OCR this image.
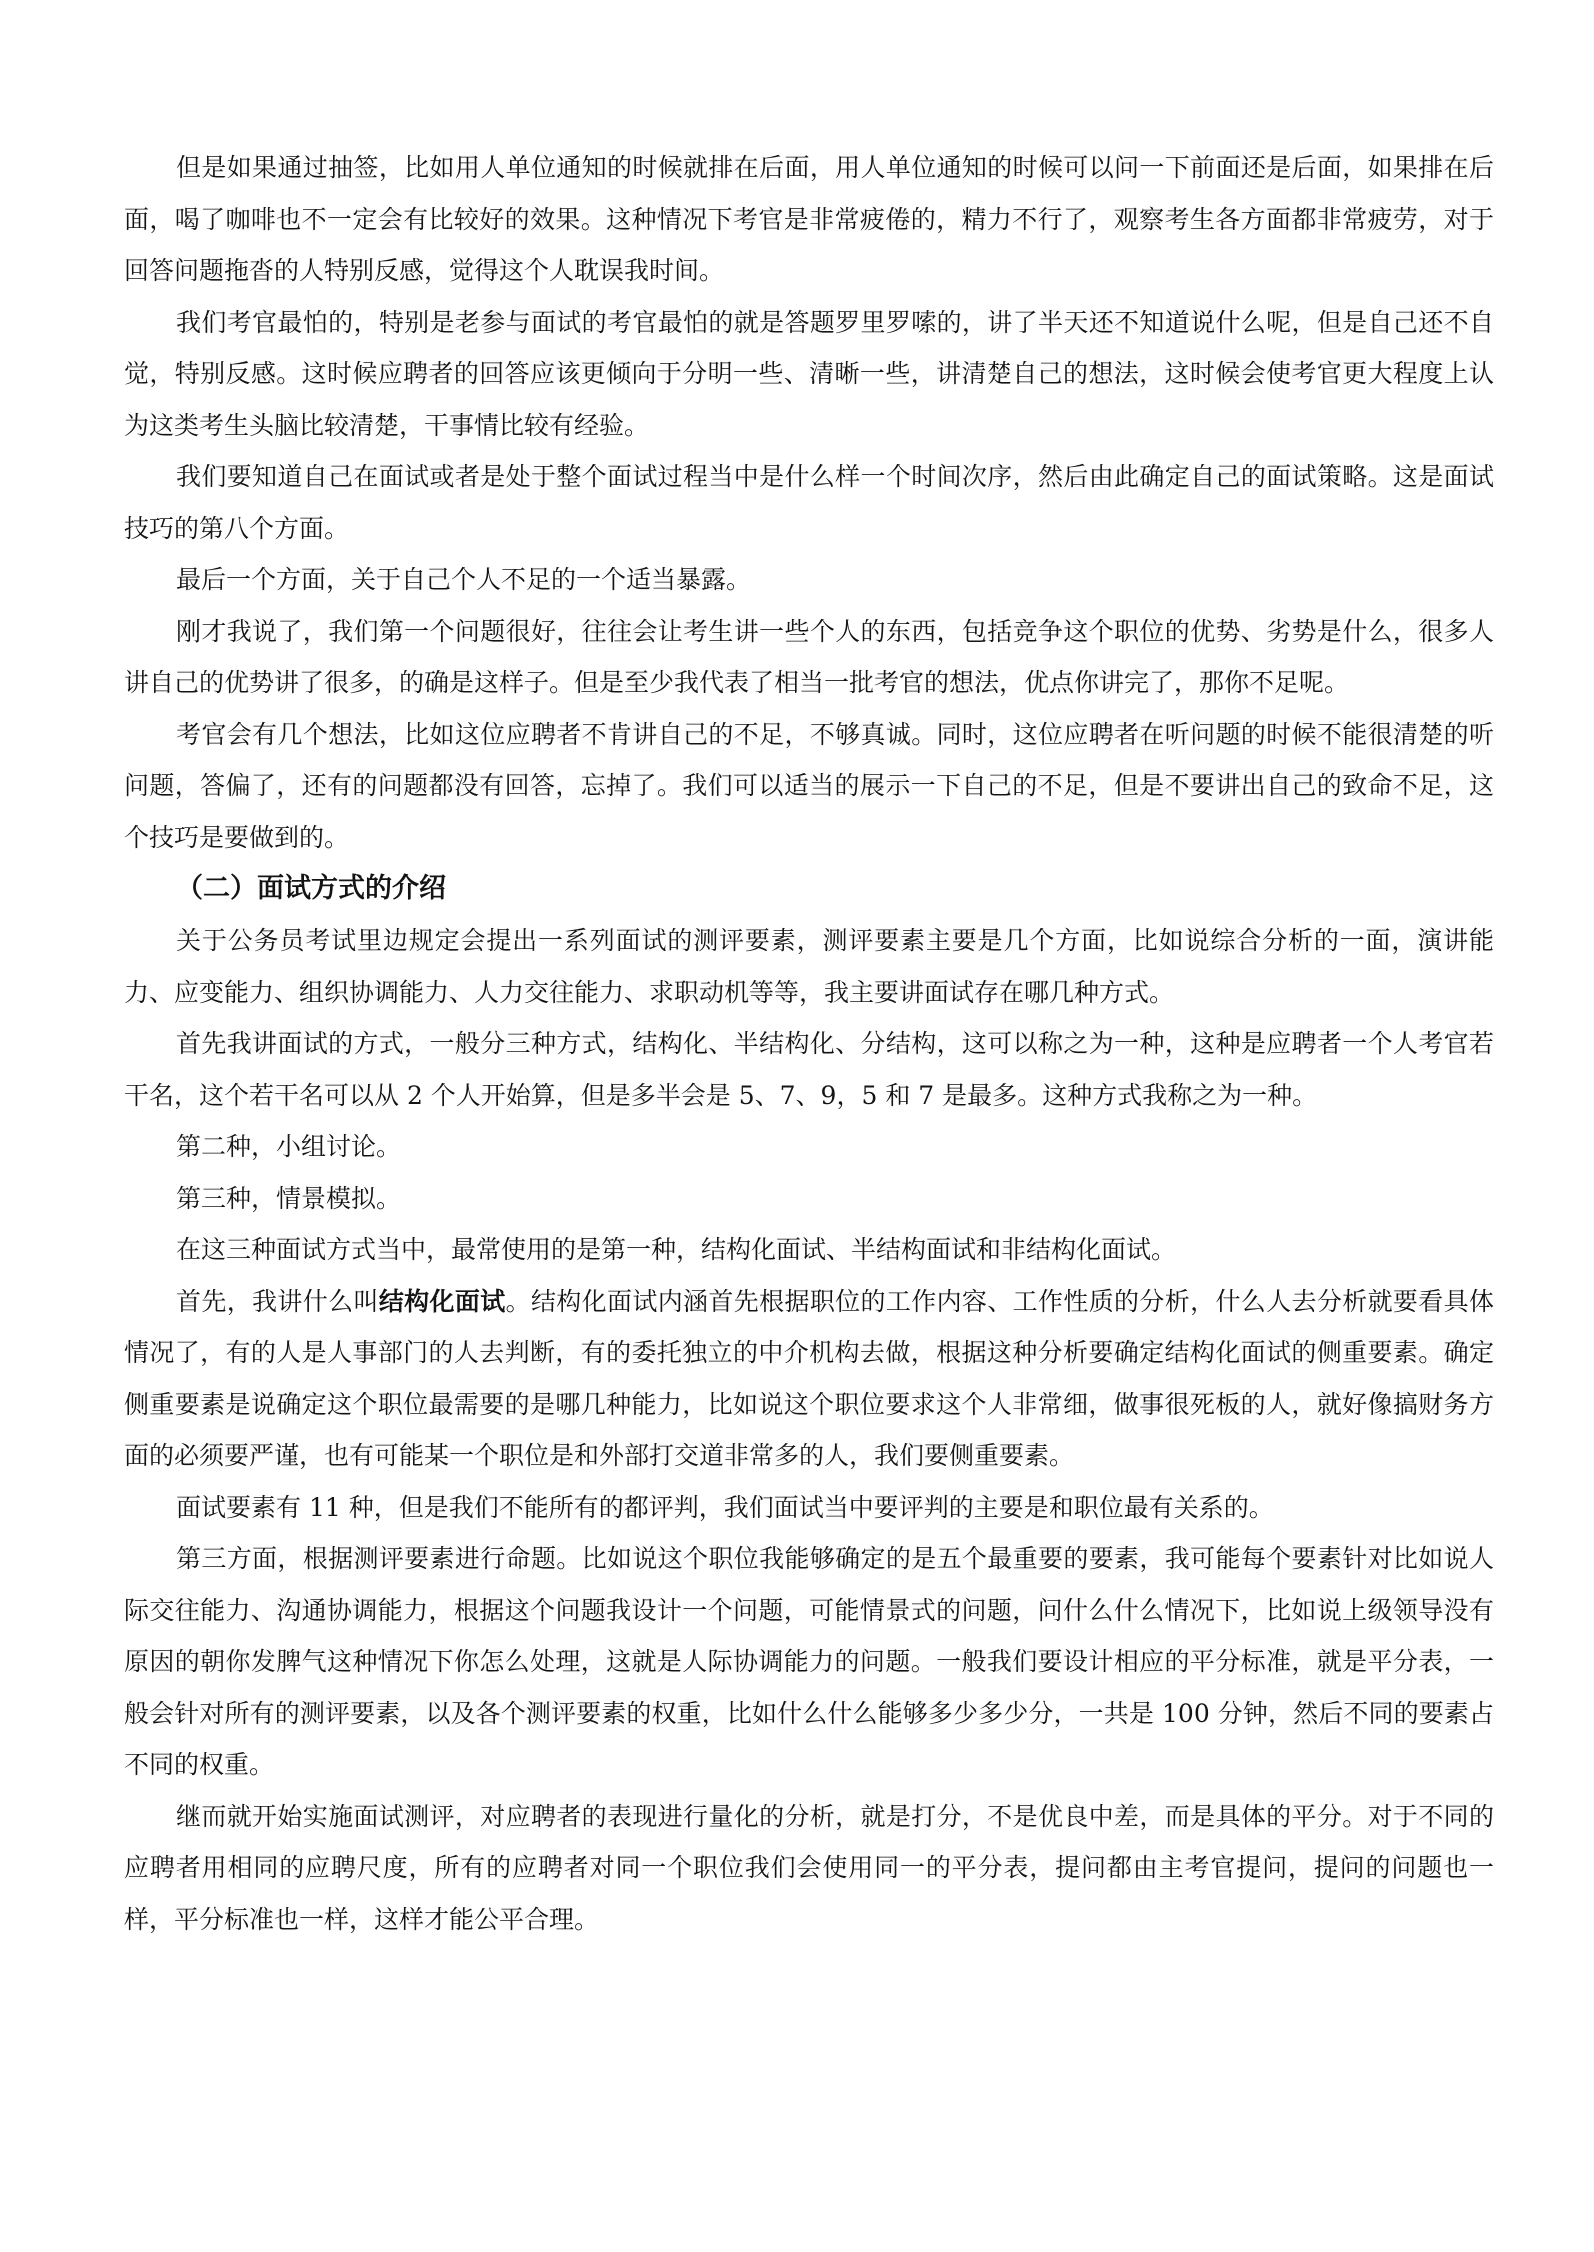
但是如果通过抽签，比如用人单位通知的时候就排在后面，用人单位通知的时候可以问一下前面还是后面，如果排在后面，喝了咖啡也不一定会有比较好的效果。这种情况下考官是非常疲倦的，精力不行了，观察考生各方面都非常疲劳，对于回答问题拖沓的人特别反感，觉得这个人耽误我时间。

我们考官最怕的，特别是老参与面试的考官最怕的就是答题罗里罗嗦的，讲了半天还不知道说什么呢，但是自己还不自觉，特别反感。这时候应聘者的回答应该更倾向于分明一些、清晰一些，讲清楚自己的想法，这时候会使考官更大程度上认为这类考生头脑比较清楚，干事情比较有经验。

我们要知道自己在面试或者是处于整个面试过程当中是什么样一个时间次序，然后由此确定自己的面试策略。这是面试技巧的第八个方面。

最后一个方面，关于自己个人不足的一个适当暴露。

刚才我说了，我们第一个问题很好，往往会让考生讲一些个人的东西，包括竞争这个职位的优势、劣势是什么，很多人讲自己的优势讲了很多，的确是这样子。但是至少我代表了相当一批考官的想法，优点你讲完了，那你不足呢。

考官会有几个想法，比如这位应聘者不肯讲自己的不足，不够真诚。同时，这位应聘者在听问题的时候不能很清楚的听问题，答偏了，还有的问题都没有回答，忘掉了。我们可以适当的展示一下自己的不足，但是不要讲出自己的致命不足，这个技巧是要做到的。

（二）面试方式的介绍

关于公务员考试里边规定会提出一系列面试的测评要素，测评要素主要是几个方面，比如说综合分析的一面，演讲能力、应变能力、组织协调能力、人力交往能力、求职动机等等，我主要讲面试存在哪几种方式。

首先我讲面试的方式，一般分三种方式，结构化、半结构化、分结构，这可以称之为一种，这种是应聘者一个人考官若干名，这个若干名可以从 2 个人开始算，但是多半会是 5、7、9，5 和 7 是最多。这种方式我称之为一种。

第二种，小组讨论。

第三种，情景模拟。

在这三种面试方式当中，最常使用的是第一种，结构化面试、半结构面试和非结构化面试。

首先，我讲什么叫结构化面试。结构化面试内涵首先根据职位的工作内容、工作性质的分析，什么人去分析就要看具体情况了，有的人是人事部门的人去判断，有的委托独立的中介机构去做，根据这种分析要确定结构化面试的侧重要素。确定侧重要素是说确定这个职位最需要的是哪几种能力，比如说这个职位要求这个人非常细，做事很死板的人，就好像搞财务方面的必须要严谨，也有可能某一个职位是和外部打交道非常多的人，我们要侧重要素。

面试要素有 11 种，但是我们不能所有的都评判，我们面试当中要评判的主要是和职位最有关系的。

第三方面，根据测评要素进行命题。比如说这个职位我能够确定的是五个最重要的要素，我可能每个要素针对比如说人际交往能力、沟通协调能力，根据这个问题我设计一个问题，可能情景式的问题，问什么什么情况下，比如说上级领导没有原因的朝你发脾气这种情况下你怎么处理，这就是人际协调能力的问题。一般我们要设计相应的平分标准，就是平分表，一般会针对所有的测评要素，以及各个测评要素的权重，比如什么什么能够多少多少分，一共是 100 分钟，然后不同的要素占不同的权重。

继而就开始实施面试测评，对应聘者的表现进行量化的分析，就是打分，不是优良中差，而是具体的平分。对于不同的应聘者用相同的应聘尺度，所有的应聘者对同一个职位我们会使用同一的平分表，提问都由主考官提问，提问的问题也一样，平分标准也一样，这样才能公平合理。
